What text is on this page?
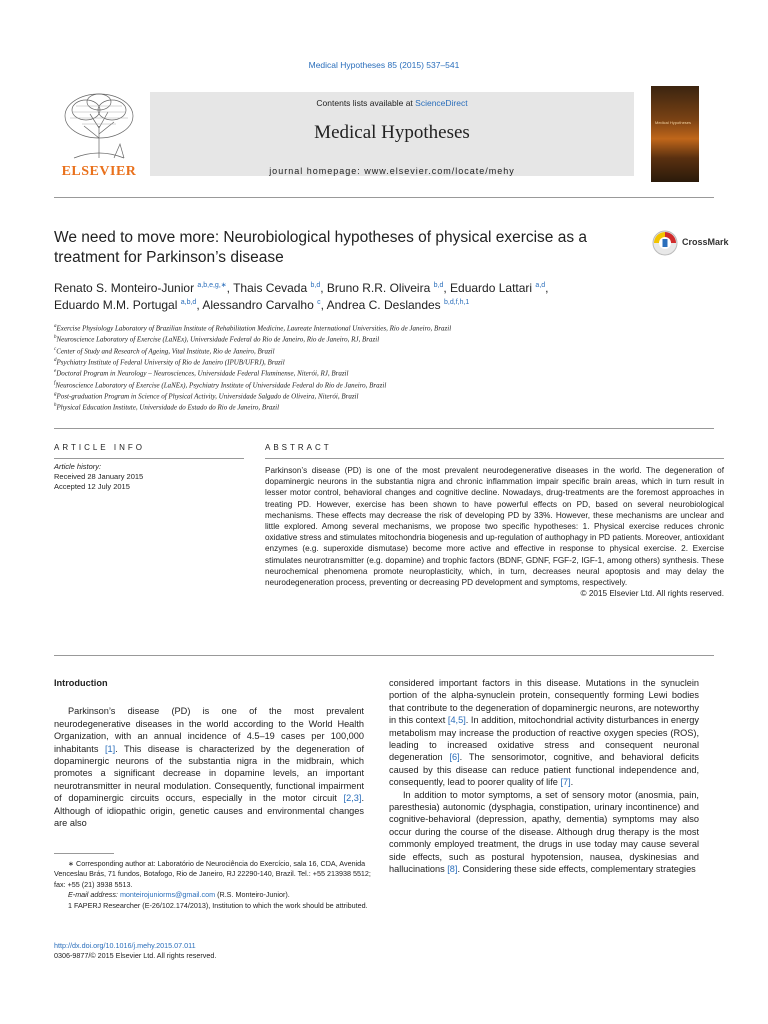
Medical Hypotheses 85 (2015) 537–541
ELSEVIER
Contents lists available at ScienceDirect
Medical Hypotheses
journal homepage: www.elsevier.com/locate/mehy
Medical Hypotheses
We need to move more: Neurobiological hypotheses of physical exercise as a treatment for Parkinson’s disease
CrossMark
Renato S. Monteiro-Junior $^{a,b,e,g,∗}$, Thais Cevada $^{b,d}$, Bruno R.R. Oliveira $^{b,d}$, Eduardo Lattari $^{a,d}$,
Eduardo M.M. Portugal $^{a,b,d}$, Alessandro Carvalho $^c$, Andrea C. Deslandes $^{b,d,f,h,1}$
$^a$Exercise Physiology Laboratory of Brazilian Institute of Rehabilitation Medicine, Laureate International Universities, Rio de Janeiro, Brazil
$^b$Neuroscience Laboratory of Exercise (LaNEx), Universidade Federal do Rio de Janeiro, Rio de Janeiro, RJ, Brazil
$^c$Center of Study and Research of Ageing, Vital Institute, Rio de Janeiro, Brazil
$^d$Psychiatry Institute of Federal University of Rio de Janeiro (IPUB/UFRJ), Brazil
$^e$Doctoral Program in Neurology – Neurosciences, Universidade Federal Fluminense, Niterói, RJ, Brazil
$^f$Neuroscience Laboratory of Exercise (LaNEx), Psychiatry Institute of Universidade Federal do Rio de Janeiro, Brazil
$^g$Post-graduation Program in Science of Physical Activity, Universidade Salgado de Oliveira, Niterói, Brazil
$^h$Physical Education Institute, Universidade do Estado do Rio de Janeiro, Brazil
ARTICLE INFO	ABSTRACT
Article history:
Received 28 January 2015
Accepted 12 July 2015
Parkinson’s disease (PD) is one of the most prevalent neurodegenerative diseases in the world. The degeneration of dopaminergic neurons in the substantia nigra and chronic inflammation impair specific brain areas, which in turn result in lesser motor control, behavioral changes and cognitive decline. Nowadays, drug-treatments are the foremost approaches in treating PD. However, exercise has been shown to have powerful effects on PD, based on several neurobiological mechanisms. These effects may decrease the risk of developing PD by 33%. However, these mechanisms are unclear and little explored. Among several mechanisms, we propose two specific hypotheses: 1. Physical exercise reduces chronic oxidative stress and stimulates mitochondria biogenesis and up-regulation of authophagy in PD patients. Moreover, antioxidant enzymes (e.g. superoxide dismutase) become more active and effective in response to physical exercise. 2. Exercise stimulates neurotransmitter (e.g. dopamine) and trophic factors (BDNF, GDNF, FGF-2, IGF-1, among others) synthesis. These neurochemical phenomena promote neuroplasticity, which, in turn, decreases neural apoptosis and may delay the neurodegeneration process, preventing or decreasing PD development and symptoms, respectively.
© 2015 Elsevier Ltd. All rights reserved.

Introduction

Parkinson’s disease (PD) is one of the most prevalent neurodegenerative diseases in the world according to the World Health Organization, with an annual incidence of 4.5–19 cases per 100,000 inhabitants [1]. This disease is characterized by the degeneration of dopaminergic neurons of the substantia nigra in the midbrain, which promotes a significant decrease in dopamine levels, an important neurotransmitter in neural modulation. Consequently, functional impairment of dopaminergic circuits occurs, especially in the motor circuit [2,3]. Although of idiopathic origin, genetic causes and environmental changes are also

considered important factors in this disease. Mutations in the synuclein portion of the alpha-synuclein protein, consequently forming Lewi bodies that contribute to the degeneration of dopaminergic neurons, are noteworthy in this context [4,5]. In addition, mitochondrial activity disturbances in energy metabolism may increase the production of reactive oxygen species (ROS), leading to increased oxidative stress and consequent neuronal degeneration [6]. The sensorimotor, cognitive, and behavioral deficits caused by this disease can reduce patient functional independence and, consequently, lead to poorer quality of life [7].

In addition to motor symptoms, a set of sensory motor (anosmia, pain, paresthesia) autonomic (dysphagia, constipation, urinary incontinence) and cognitive-behavioral (depression, apathy, dementia) symptoms may also occur during the course of the disease. Although drug therapy is the most commonly employed treatment, the drugs in use today may cause several side effects, such as postural hypotension, nausea, dyskinesias and hallucinations [8]. Considering these side effects, complementary strategies

∗ Corresponding author at: Laboratório de Neurociência do Exercício, sala 16, CDA, Avenida Venceslau Brás, 71 fundos, Botafogo, Rio de Janeiro, RJ 22290-140, Brazil. Tel.: +55 213938 5512; fax: +55 (21) 3938 5513.

E-mail address: monteirojuniorms@gmail.com (R.S. Monteiro-Junior).

1 FAPERJ Researcher (E-26/102.174/2013), Institution to which the work should be attributed.

http://dx.doi.org/10.1016/j.mehy.2015.07.011
0306-9877/© 2015 Elsevier Ltd. All rights reserved.
